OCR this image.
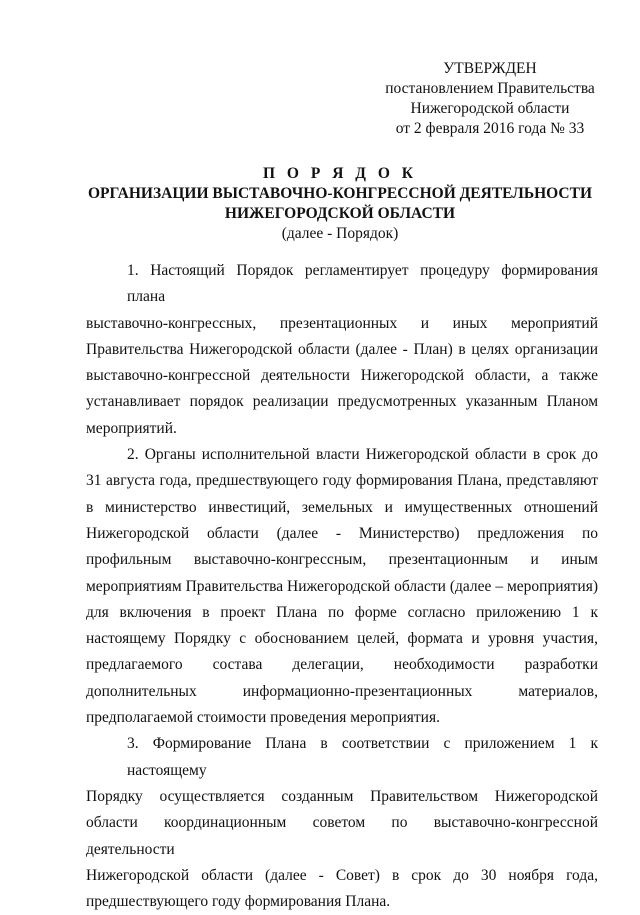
УТВЕРЖДЕН
постановлением Правительства
Нижегородской области
от 2 февраля 2016 года № 33
П О Р Я Д О К
ОРГАНИЗАЦИИ ВЫСТАВОЧНО-КОНГРЕССНОЙ ДЕЯТЕЛЬНОСТИ
НИЖЕГОРОДСКОЙ ОБЛАСТИ
(далее - Порядок)
1. Настоящий Порядок регламентирует процедуру формирования плана
выставочно-конгрессных, презентационных и иных мероприятий
Правительства Нижегородской области (далее - План) в целях организации
выставочно-конгрессной деятельности Нижегородской области, а также
устанавливает порядок реализации предусмотренных указанным Планом
мероприятий.
2. Органы исполнительной власти Нижегородской области в срок до
31 августа года, предшествующего году формирования Плана, представляют
в министерство инвестиций, земельных и имущественных отношений
Нижегородской области (далее - Министерство) предложения по
профильным выставочно-конгрессным, презентационным и иным
мероприятиям Правительства Нижегородской области (далее – мероприятия)
для включения в проект Плана по форме согласно приложению 1 к
настоящему Порядку с обоснованием целей, формата и уровня участия,
предлагаемого состава делегации, необходимости разработки
дополнительных информационно-презентационных материалов,
предполагаемой стоимости проведения мероприятия.
3. Формирование Плана в соответствии с приложением 1 к настоящему
Порядку осуществляется созданным Правительством Нижегородской
области координационным советом по выставочно-конгрессной деятельности
Нижегородской области (далее - Совет) в срок до 30 ноября года,
предшествующего году формирования Плана.
